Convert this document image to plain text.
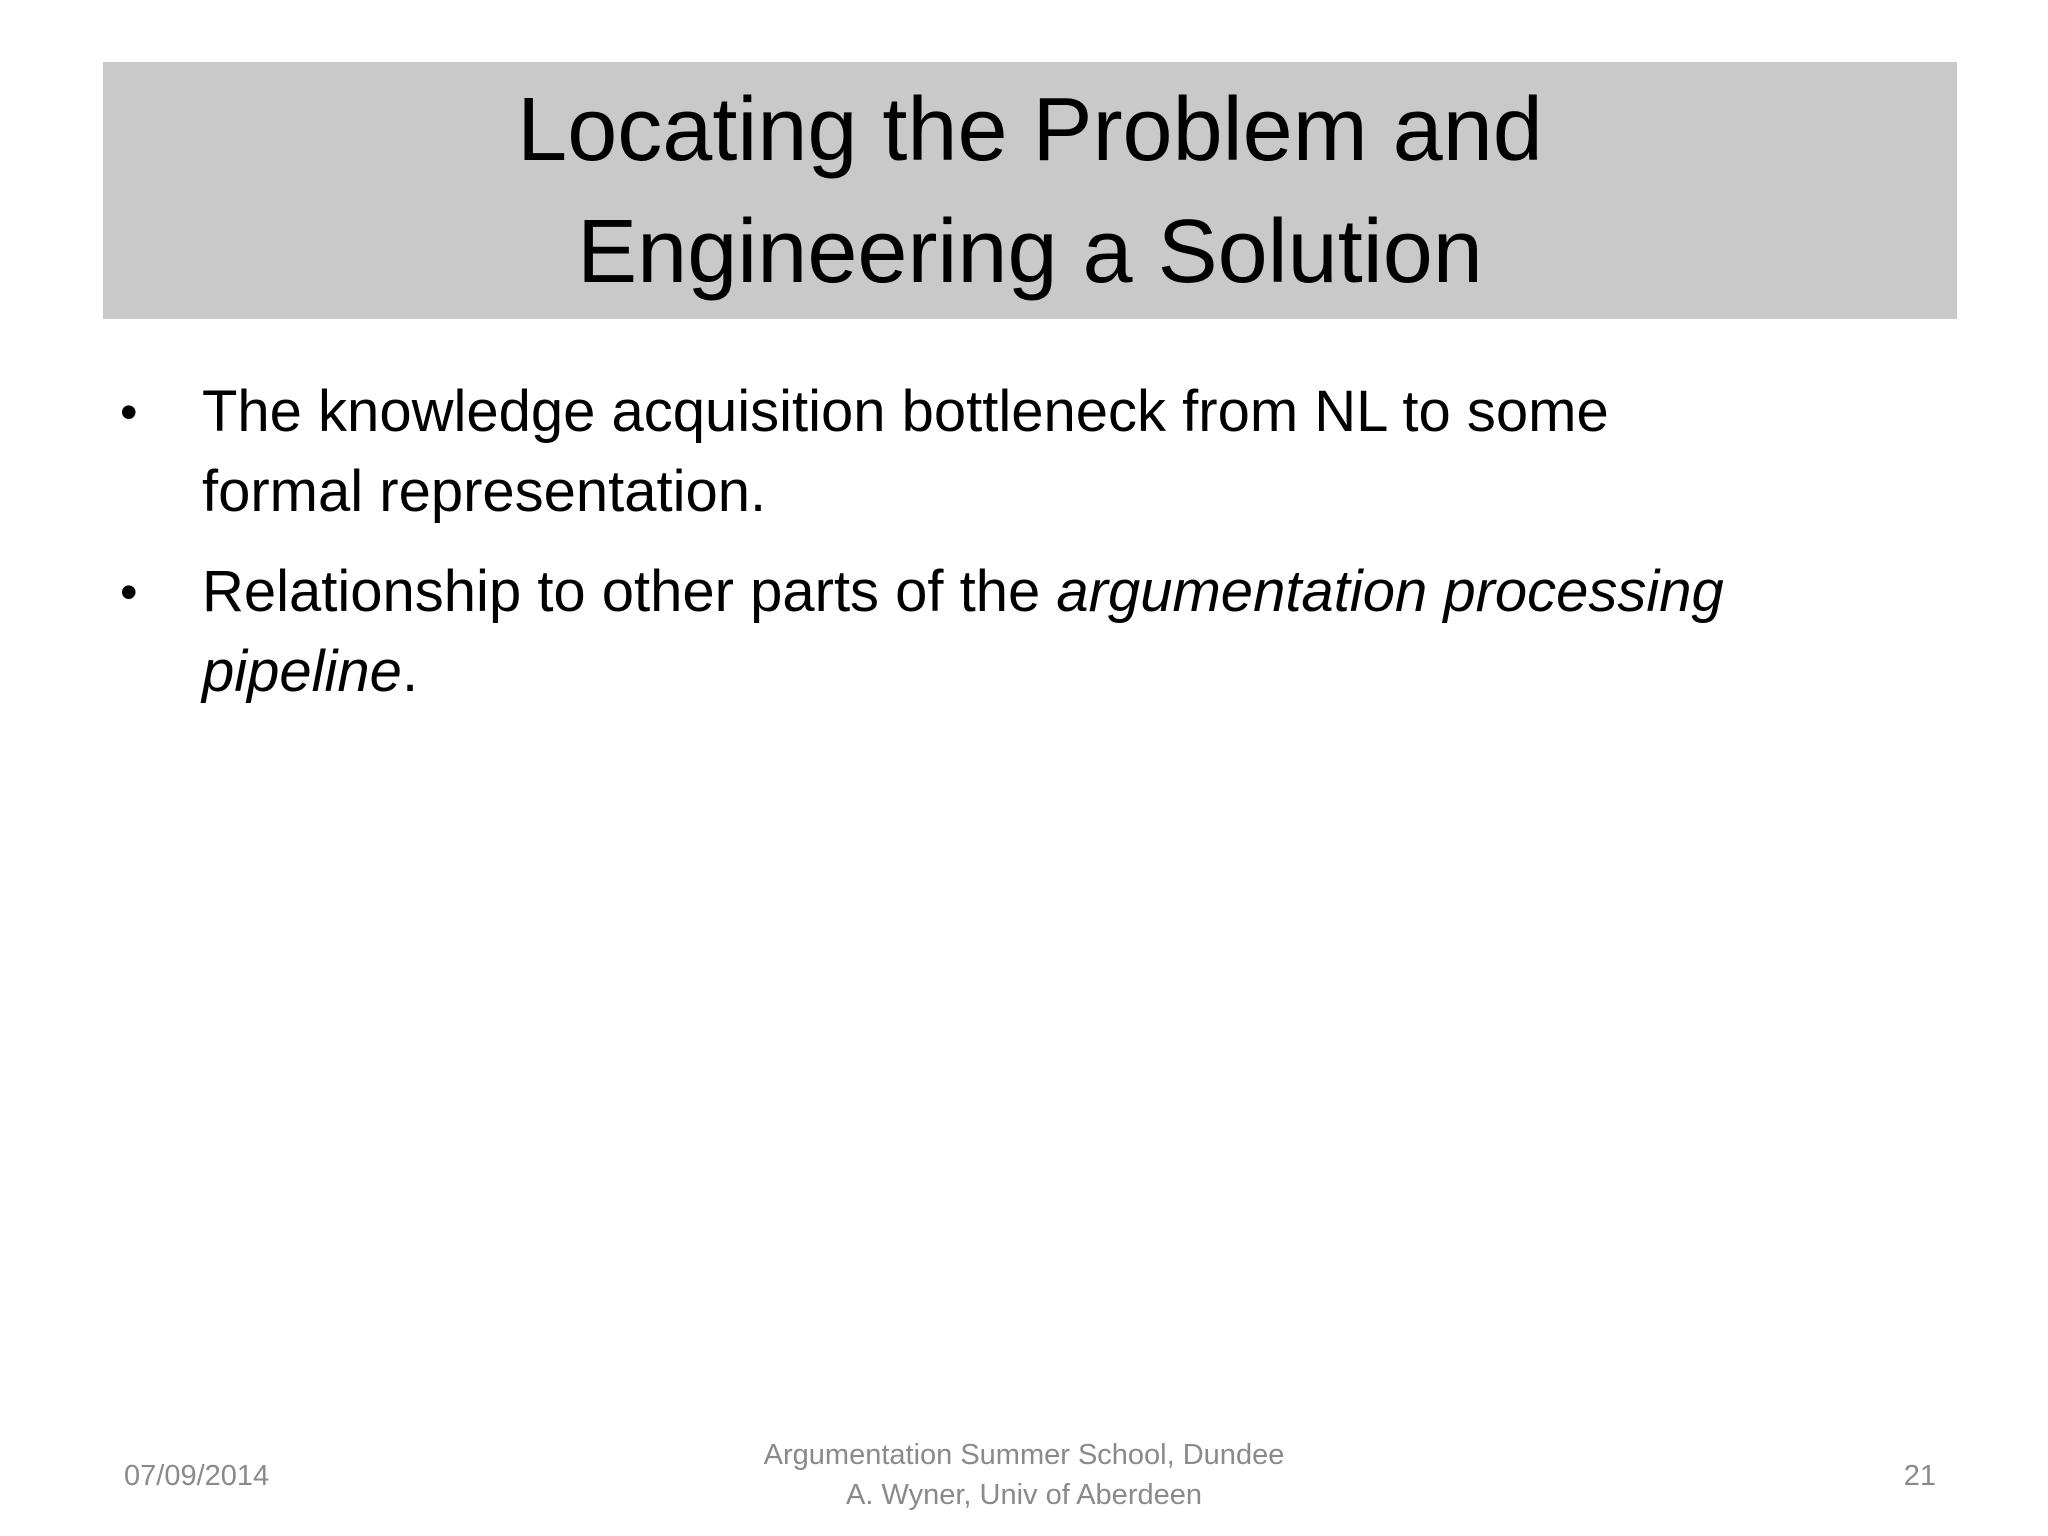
Locating the Problem and
Engineering a Solution
•	The knowledge acquisition bottleneck from NL to some
formal representation.
•	Relationship to other parts of the argumentation processing
pipeline.
07/09/2014
Argumentation Summer School, Dundee
A. Wyner, Univ of Aberdeen
21
